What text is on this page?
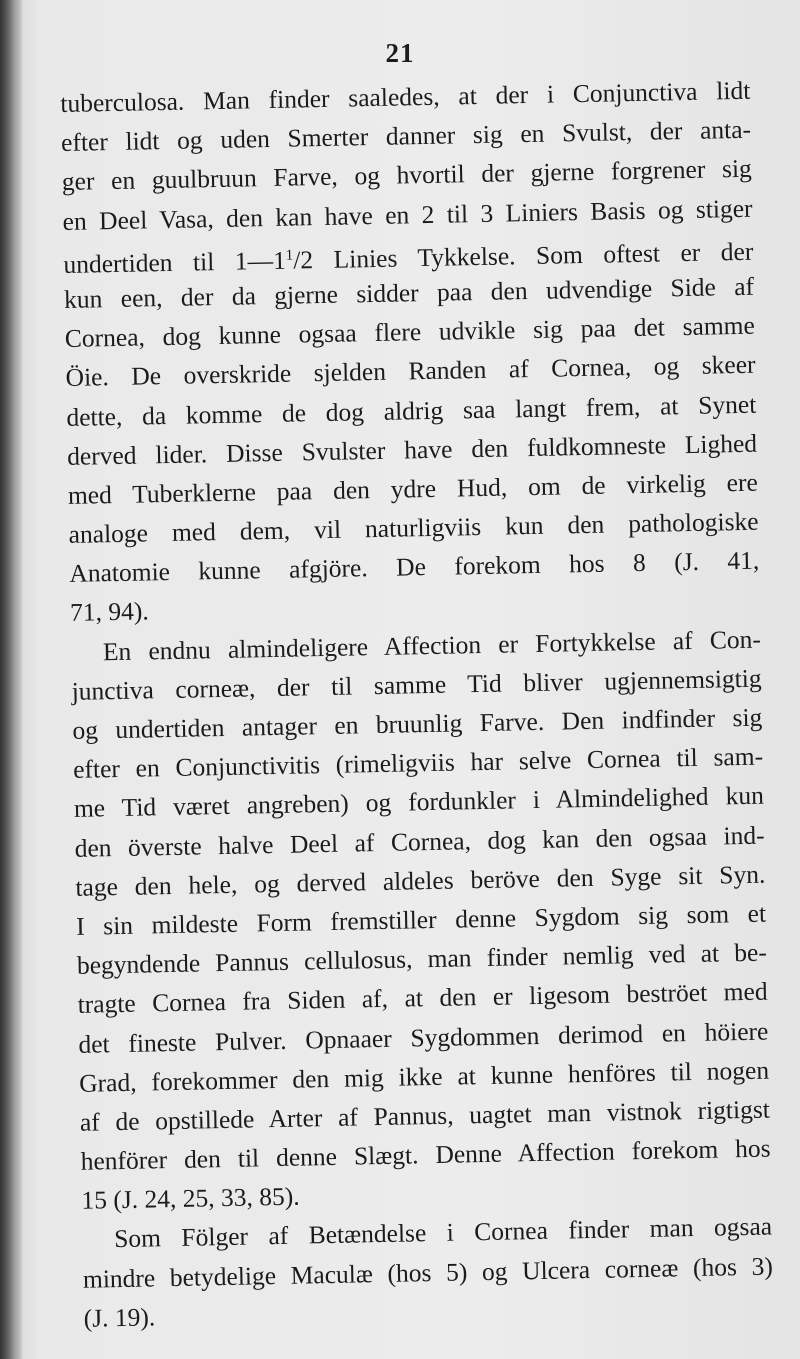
21
tuberculosa. Man finder saaledes, at der i Conjunctiva lidt
efter lidt og uden Smerter danner sig en Svulst, der anta-
ger en guulbruun Farve, og hvortil der gjerne forgrener sig
en Deel Vasa, den kan have en 2 til 3 Liniers Basis og stiger
undertiden til $1—1^1/2$ Linies Tykkelse. Som oftest er der
kun een, der da gjerne sidder paa den udvendige Side af
Cornea, dog kunne ogsaa flere udvikle sig paa det samme
Öie. De overskride sjelden Randen af Cornea, og skeer
dette, da komme de dog aldrig saa langt frem, at Synet
derved lider. Disse Svulster have den fuldkomneste Lighed
med Tuberklerne paa den ydre Hud, om de virkelig ere
analoge med dem, vil naturligviis kun den pathologiske
Anatomie kunne afgjöre. De forekom hos 8 (J. 41,
71, 94).
En endnu almindeligere Affection er Fortykkelse af Con-
junctiva corneæ, der til samme Tid bliver ugjennemsigtig
og undertiden antager en bruunlig Farve. Den indfinder sig
efter en Conjunctivitis (rimeligviis har selve Cornea til sam-
me Tid været angreben) og fordunkler i Almindelighed kun
den överste halve Deel af Cornea, dog kan den ogsaa ind-
tage den hele, og derved aldeles beröve den Syge sit Syn.
I sin mildeste Form fremstiller denne Sygdom sig som et
begyndende Pannus cellulosus, man finder nemlig ved at be-
tragte Cornea fra Siden af, at den er ligesom beströet med
det fineste Pulver. Opnaaer Sygdommen derimod en höiere
Grad, forekommer den mig ikke at kunne henföres til nogen
af de opstillede Arter af Pannus, uagtet man vistnok rigtigst
henförer den til denne Slægt. Denne Affection forekom hos
15 (J. 24, 25, 33, 85).
Som Fölger af Betændelse i Cornea finder man ogsaa
mindre betydelige Maculæ (hos 5) og Ulcera corneæ (hos 3)
(J. 19).
